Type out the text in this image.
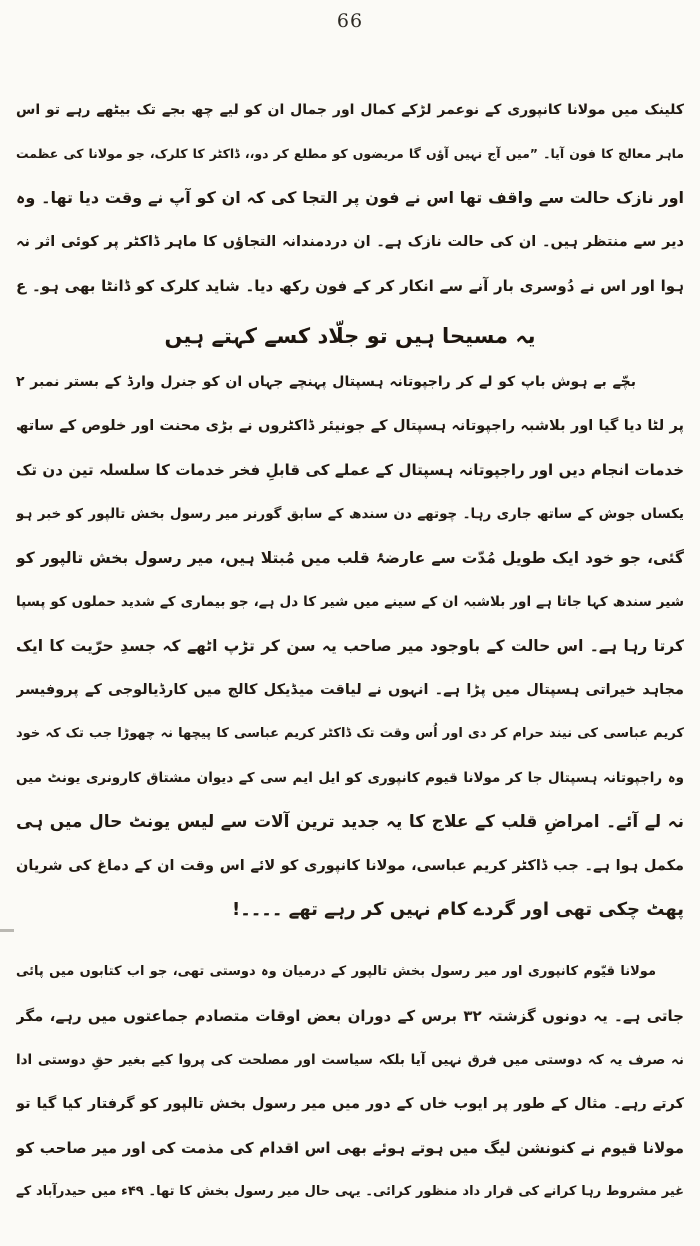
66
کلینک میں مولانا کانپوری کے نوعمر لڑکے کمال اور جمال ان کو لیے چھ بجے تک بیٹھے رہے تو اس
ماہر معالج کا فون آیا۔ ”میں آج نہیں آؤں گا مریضوں کو مطلع کر دو،، ڈاکٹر کا کلرک، جو مولانا کی عظمت
اور نازک حالت سے واقف تھا اس نے فون پر التجا کی کہ ان کو آپ نے وقت دیا تھا۔ وہ
دیر سے منتظر ہیں۔ ان کی حالت نازک ہے۔ ان دردمندانہ التجاؤں کا ماہر ڈاکٹر پر کوئی اثر نہ
ہوا اور اس نے دُوسری بار آنے سے انکار کر کے فون رکھ دیا۔ شاید کلرک کو ڈانٹا بھی ہو۔ ع
یہ مسیحا ہیں تو جلّاد کسے کہتے ہیں
بچّے بے ہوش باپ کو لے کر راجپوتانہ ہسپتال پہنچے جہاں ان کو جنرل وارڈ کے بستر نمبر ۲
پر لٹا دیا گیا اور بلاشبہ راجپوتانہ ہسپتال کے جونیئر ڈاکٹروں نے بڑی محنت اور خلوص کے ساتھ
خدمات انجام دیں اور راجپوتانہ ہسپتال کے عملے کی قابلِ فخر خدمات کا سلسلہ تین دن تک
یکساں جوش کے ساتھ جاری رہا۔ چوتھے دن سندھ کے سابق گورنر میر رسول بخش تالپور کو خبر ہو
گئی، جو خود ایک طویل مُدّت سے عارضۂ قلب میں مُبتلا ہیں، میر رسول بخش تالپور کو
شیر سندھ کہا جاتا ہے اور بلاشبہ ان کے سینے میں شیر کا دل ہے، جو بیماری کے شدید حملوں کو پسپا
کرتا رہا ہے۔ اس حالت کے باوجود میر صاحب یہ سن کر تڑپ اٹھے کہ جسدِ حرّیت کا ایک
مجاہد خیراتی ہسپتال میں پڑا ہے۔ انہوں نے لیاقت میڈیکل کالج میں کارڈیالوجی کے پروفیسر
کریم عباسی کی نیند حرام کر دی اور اُس وقت تک ڈاکٹر کریم عباسی کا پیچھا نہ چھوڑا جب تک کہ خود
وہ راجپوتانہ ہسپتال جا کر مولانا قیوم کانپوری کو ایل ایم سی کے دیوان مشتاق کارونری یونٹ میں
نہ لے آئے۔ امراضِ قلب کے علاج کا یہ جدید ترین آلات سے لیس یونٹ حال میں ہی
مکمل ہوا ہے۔ جب ڈاکٹر کریم عباسی، مولانا کانپوری کو لائے اس وقت ان کے دماغ کی شریان
پھٹ چکی تھی اور گردے کام نہیں کر رہے تھے ۔۔۔۔!
مولانا قیّوم کانپوری اور میر رسول بخش تالپور کے درمیان وہ دوستی تھی، جو اب کتابوں میں پائی
جاتی ہے۔ یہ دونوں گزشتہ ۳۲ برس کے دوران بعض اوقات متصادم جماعتوں میں رہے، مگر
نہ صرف یہ کہ دوستی میں فرق نہیں آیا بلکہ سیاست اور مصلحت کی پروا کیے بغیر حقِ دوستی ادا
کرتے رہے۔ مثال کے طور پر ایوب خاں کے دور میں میر رسول بخش تالپور کو گرفتار کیا گیا تو
مولانا قیوم نے کنونشن لیگ میں ہوتے ہوئے بھی اس اقدام کی مذمت کی اور میر صاحب کو
غیر مشروط رہا کرانے کی قرار داد منظور کرائی۔ یہی حال میر رسول بخش کا تھا۔ ۴۹ء میں حیدرآباد کے
